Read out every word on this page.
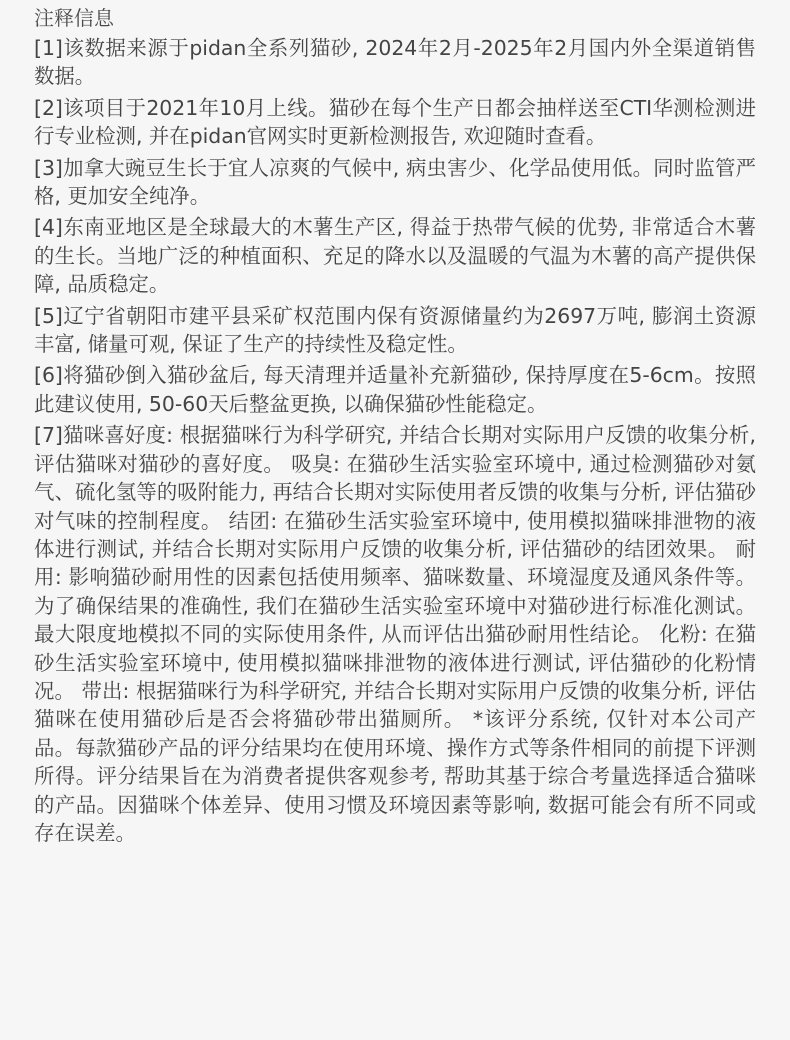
注释信息

[1]该数据来源于pidan全系列猫砂, 2024年2月-2025年2月国内外全渠道销售数据。

[2]该项目于2021年10月上线。猫砂在每个生产日都会抽样送至CTI华测检测进行专业检测, 并在pidan官网实时更新检测报告, 欢迎随时查看。

[3]加拿大豌豆生长于宜人凉爽的气候中, 病虫害少、化学品使用低。同时监管严格, 更加安全纯净。

[4]东南亚地区是全球最大的木薯生产区, 得益于热带气候的优势, 非常适合木薯的生长。当地广泛的种植面积、充足的降水以及温暖的气温为木薯的高产提供保障, 品质稳定。

[5]辽宁省朝阳市建平县采矿权范围内保有资源储量约为2697万吨, 膨润土资源丰富, 储量可观, 保证了生产的持续性及稳定性。

[6]将猫砂倒入猫砂盆后, 每天清理并适量补充新猫砂, 保持厚度在5-6cm。按照此建议使用, 50-60天后整盆更换, 以确保猫砂性能稳定。

[7]猫咪喜好度: 根据猫咪行为科学研究, 并结合长期对实际用户反馈的收集分析, 评估猫咪对猫砂的喜好度。 吸臭: 在猫砂生活实验室环境中, 通过检测猫砂对氨气、硫化氢等的吸附能力, 再结合长期对实际使用者反馈的收集与分析, 评估猫砂对气味的控制程度。 结团: 在猫砂生活实验室环境中, 使用模拟猫咪排泄物的液体进行测试, 并结合长期对实际用户反馈的收集分析, 评估猫砂的结团效果。 耐用: 影响猫砂耐用性的因素包括使用频率、猫咪数量、环境湿度及通风条件等。为了确保结果的准确性, 我们在猫砂生活实验室环境中对猫砂进行标准化测试。最大限度地模拟不同的实际使用条件, 从而评估出猫砂耐用性结论。 化粉: 在猫砂生活实验室环境中, 使用模拟猫咪排泄物的液体进行测试, 评估猫砂的化粉情况。 带出: 根据猫咪行为科学研究, 并结合长期对实际用户反馈的收集分析, 评估猫咪在使用猫砂后是否会将猫砂带出猫厕所。 *该评分系统, 仅针对本公司产品。每款猫砂产品的评分结果均在使用环境、操作方式等条件相同的前提下评测所得。评分结果旨在为消费者提供客观参考, 帮助其基于综合考量选择适合猫咪的产品。因猫咪个体差异、使用习惯及环境因素等影响, 数据可能会有所不同或存在误差。
